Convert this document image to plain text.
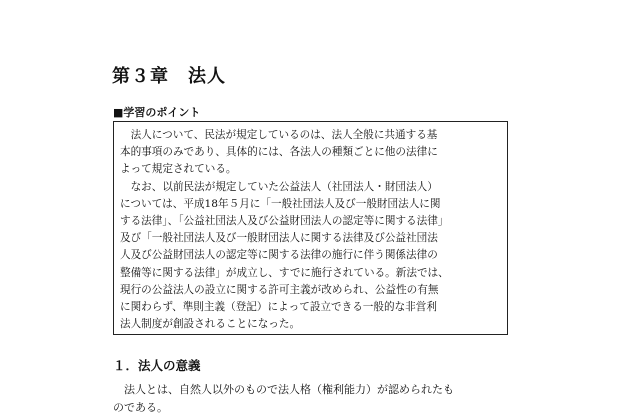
第３章　法人
■学習のポイント
　法人について、民法が規定しているのは、法人全般に共通する基
本的事項のみであり、具体的には、各法人の種類ごとに他の法律に
よって規定されている。
　なお、以前民法が規定していた公益法人（社団法人・財団法人）
については、平成18年５月に「一般社団法人及び一般財団法人に関
する法律」、「公益社団法人及び公益財団法人の認定等に関する法律」
及び「一般社団法人及び一般財団法人に関する法律及び公益社団法
人及び公益財団法人の認定等に関する法律の施行に伴う関係法律の
整備等に関する法律」が成立し、すでに施行されている。新法では、
現行の公益法人の設立に関する許可主義が改められ、公益性の有無
に関わらず、準則主義（登記）によって設立できる一般的な非営利
法人制度が創設されることになった。
１．法人の意義
　法人とは、自然人以外のもので法人格（権利能力）が認められたも
のである。
